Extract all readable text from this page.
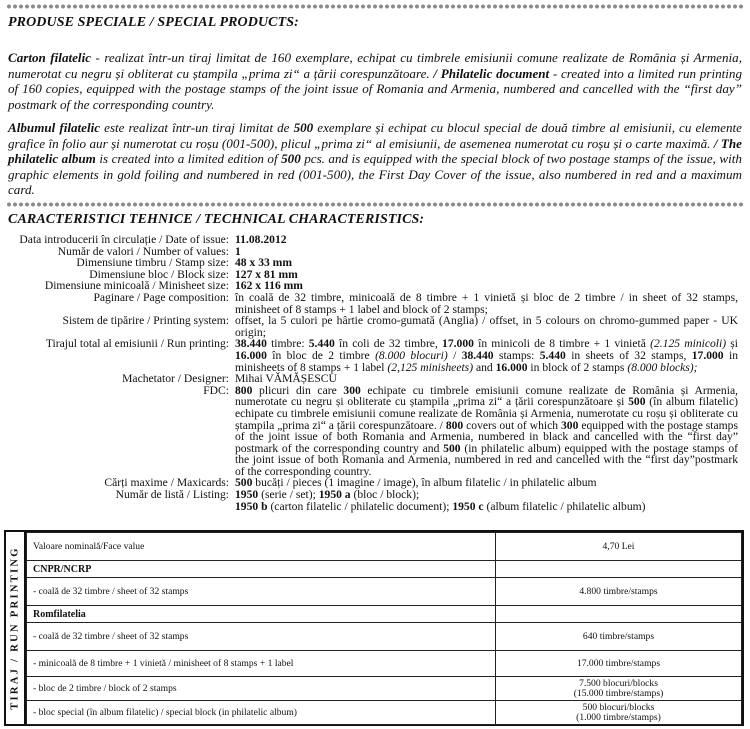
PRODUSE SPECIALE / SPECIAL PRODUCTS:
Carton filatelic - realizat într-un tiraj limitat de 160 exemplare, echipat cu timbrele emisiunii comune realizate de România și Armenia, numerotat cu negru și obliterat cu ștampila „prima zi“ a țării corespunzătoare. / Philatelic document - created into a limited run printing of 160 copies, equipped with the postage stamps of the joint issue of Romania and Armenia, numbered and cancelled with the “first day” postmark of the corresponding country.
Albumul filatelic este realizat într-un tiraj limitat de 500 exemplare și echipat cu blocul special de două timbre al emisiunii, cu elemente grafice în folio aur și numerotat cu roșu (001-500), plicul „prima zi“ al emisiunii, de asemenea numerotat cu roșu și o carte maximă. / The philatelic album is created into a limited edition of 500 pcs. and is equipped with the special block of two postage stamps of the issue, with graphic elements in gold foiling and numbered in red (001-500), the First Day Cover of the issue, also numbered in red and a maximum card.
CARACTERISTICI TEHNICE / TECHNICAL CHARACTERISTICS:
Data introducerii în circulație / Date of issue: 11.08.2012
Număr de valori / Number of values: 1
Dimensiune timbru / Stamp size: 48 x 33 mm
Dimensiune bloc / Block size: 127 x 81 mm
Dimensiune minicoală / Minisheet size: 162 x 116 mm
Paginare / Page composition: în coală de 32 timbre, minicoală de 8 timbre + 1 vinietă și bloc de 2 timbre / in sheet of 32 stamps, minisheet of 8 stamps + 1 label and block of 2 stamps;
Sistem de tipărire / Printing system: offset, la 5 culori pe hârtie cromo-gumată (Anglia) / offset, in 5 colours on chromo-gummed paper - UK origin;
Tirajul total al emisiunii / Run printing: 38.440 timbre: 5.440 în coli de 32 timbre, 17.000 în minicoli de 8 timbre + 1 vinietă (2.125 minicoli) și 16.000 în bloc de 2 timbre (8.000 blocuri) / 38.440 stamps: 5.440 in sheets of 32 stamps, 17.000 in minisheets of 8 stamps + 1 label (2,125 minisheets) and 16.000 in block of 2 stamps (8.000 blocks);
Machetator / Designer: Mihai VĂMĂȘESCU
FDC: 800 plicuri din care 300 echipate cu timbrele emisiunii comune realizate de România și Armenia, numerotate cu negru și obliterate cu ștampila „prima zi“ a țării corespunzătoare și 500 (în album filatelic) echipate cu timbrele emisiunii comune realizate de România și Armenia, numerotate cu roșu și obliterate cu ștampila „prima zi“ a țării corespunzătoare. / 800 covers out of which 300 equipped with the postage stamps of the joint issue of both Romania and Armenia, numbered in black and cancelled with the “first day” postmark of the corresponding country and 500 (in philatelic album) equipped with the postage stamps of the joint issue of both Romania and Armenia, numbered in red and cancelled with the “first day”postmark of the corresponding country.
Cărți maxime / Maxicards: 500 bucăți / pieces (1 imagine / image), în album filatelic / in philatelic album
Număr de listă / Listing: 1950 (serie / set); 1950 a (bloc / block);
1950 b (carton filatelic / philatelic document); 1950 c (album filatelic / philatelic album)
TIRAJ / RUN PRINTING Valoare nominală/Face value	4,70 Lei
CNPR/NCRP	
- coală de 32 timbre / sheet of 32 stamps	4.800 timbre/stamps
Romfilatelia	
- coală de 32 timbre / sheet of 32 stamps	640 timbre/stamps
- minicoală de 8 timbre + 1 vinietă / minisheet of 8 stamps + 1 label	17.000 timbre/stamps
- bloc de 2 timbre / block of 2 stamps	7.500 blocuri/blocks
(15.000 timbre/stamps)
- bloc special (în album filatelic) / special block (in philatelic album)	500 blocuri/blocks
(1.000 timbre/stamps)
